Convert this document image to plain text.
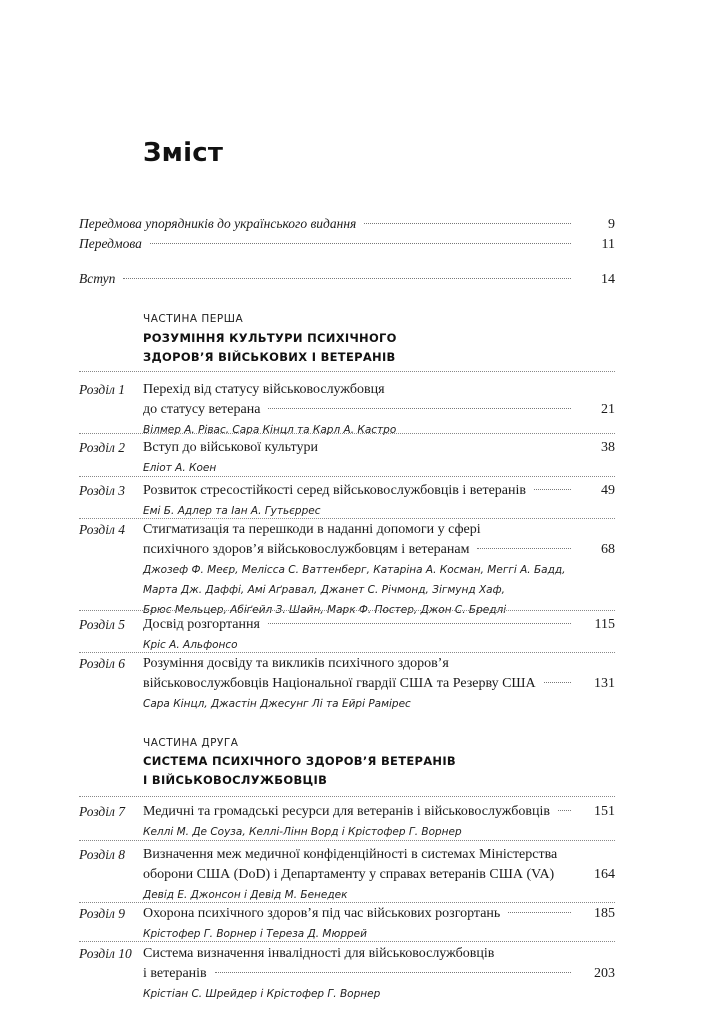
Зміст
Передмова упорядників до українського видання	9
Передмова	11
Вступ	14
ЧАСТИНА ПЕРША
РОЗУМІННЯ КУЛЬТУРИ ПСИХІЧНОГО
ЗДОРОВ’Я ВІЙСЬКОВИХ І ВЕТЕРАНІВ
Розділ 1 Перехід від статусу військовослужбовця
до статусу ветерана	21
Вілмер А. Рівас, Сара Кінцл та Карл А. Кастро
Розділ 2 Вступ до військової культури	38
Еліот А. Коен
Розділ 3 Розвиток стресостійкості серед військовослужбовців і ветеранів	49
Емі Б. Адлер та Іан А. Гутьєррес
Розділ 4 Стигматизація та перешкоди в наданні допомоги у сфері
психічного здоров’я військовослужбовцям і ветеранам	68
Джозеф Ф. Меєр, Мелісса С. Ваттенберг, Катаріна А. Косман, Меггі А. Бадд,
Марта Дж. Даффі, Амі Аґравал, Джанет С. Річмонд, Зігмунд Хаф,
Брюс Мельцер, Абіґейл З. Шайн, Марк Ф. Постер, Джон С. Бредлі
Розділ 5 Досвід розгортання	115
Кріс А. Альфонсо
Розділ 6 Розуміння досвіду та викликів психічного здоров’я
військовослужбовців Національної гвардії США та Резерву США	131
Сара Кінцл, Джастін Джесунг Лі та Ейрі Рамірес
ЧАСТИНА ДРУГА
СИСТЕМА ПСИХІЧНОГО ЗДОРОВ’Я ВЕТЕРАНІВ
І ВІЙСЬКОВОСЛУЖБОВЦІВ
Розділ 7 Медичні та громадські ресурси для ветеранів і військовослужбовців	151
Келлі М. Де Соуза, Келлі-Лінн Ворд і Крістофер Г. Ворнер
Розділ 8 Визначення меж медичної конфіденційності в системах Міністерства
оборони США (DoD) і Департаменту у справах ветеранів США (VA)	164
Девід Е. Джонсон і Девід М. Бенедек
Розділ 9 Охорона психічного здоров’я під час військових розгортань	185
Крістофер Г. Ворнер і Тереза Д. Мюррей
Розділ 10 Система визначення інвалідності для військовослужбовців
і ветеранів	203
Крістіан С. Шрейдер і Крістофер Г. Ворнер
